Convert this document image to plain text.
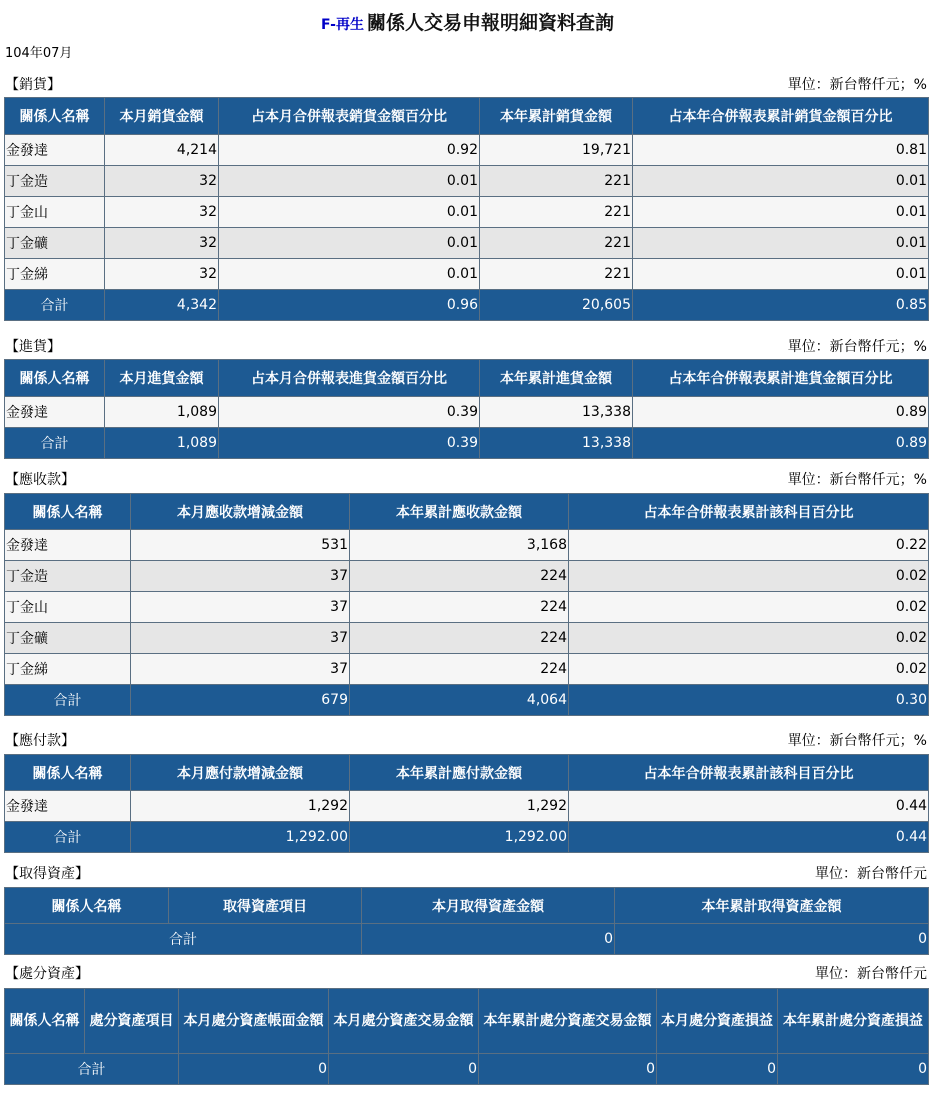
F-再生 關係人交易申報明細資料查詢
104年07月
【銷貨】	單位：新台幣仟元；%
關係人名稱	本月銷貨金額	占本月合併報表銷貨金額百分比	本年累計銷貨金額	占本年合併報表累計銷貨金額百分比
金發達	4,214	0.92	19,721	0.81
丁金造	32	0.01	221	0.01
丁金山	32	0.01	221	0.01
丁金礦	32	0.01	221	0.01
丁金綈	32	0.01	221	0.01
合計	4,342	0.96	20,605	0.85
【進貨】	單位：新台幣仟元；%
關係人名稱	本月進貨金額	占本月合併報表進貨金額百分比	本年累計進貨金額	占本年合併報表累計進貨金額百分比
金發達	1,089	0.39	13,338	0.89
合計	1,089	0.39	13,338	0.89
【應收款】	單位：新台幣仟元；%
關係人名稱	本月應收款增減金額	本年累計應收款金額	占本年合併報表累計該科目百分比
金發達	531	3,168	0.22
丁金造	37	224	0.02
丁金山	37	224	0.02
丁金礦	37	224	0.02
丁金綈	37	224	0.02
合計	679	4,064	0.30
【應付款】	單位：新台幣仟元；%
關係人名稱	本月應付款增減金額	本年累計應付款金額	占本年合併報表累計該科目百分比
金發達	1,292	1,292	0.44
合計	1,292.00	1,292.00	0.44
【取得資產】	單位：新台幣仟元
關係人名稱	取得資產項目	本月取得資產金額	本年累計取得資產金額
合計		0	0
【處分資產】	單位：新台幣仟元
關係人名稱	處分資產項目	本月處分資產帳面金額	本月處分資產交易金額	本年累計處分資產交易金額	本月處分資產損益	本年累計處分資產損益
合計		0	0	0	0	0
